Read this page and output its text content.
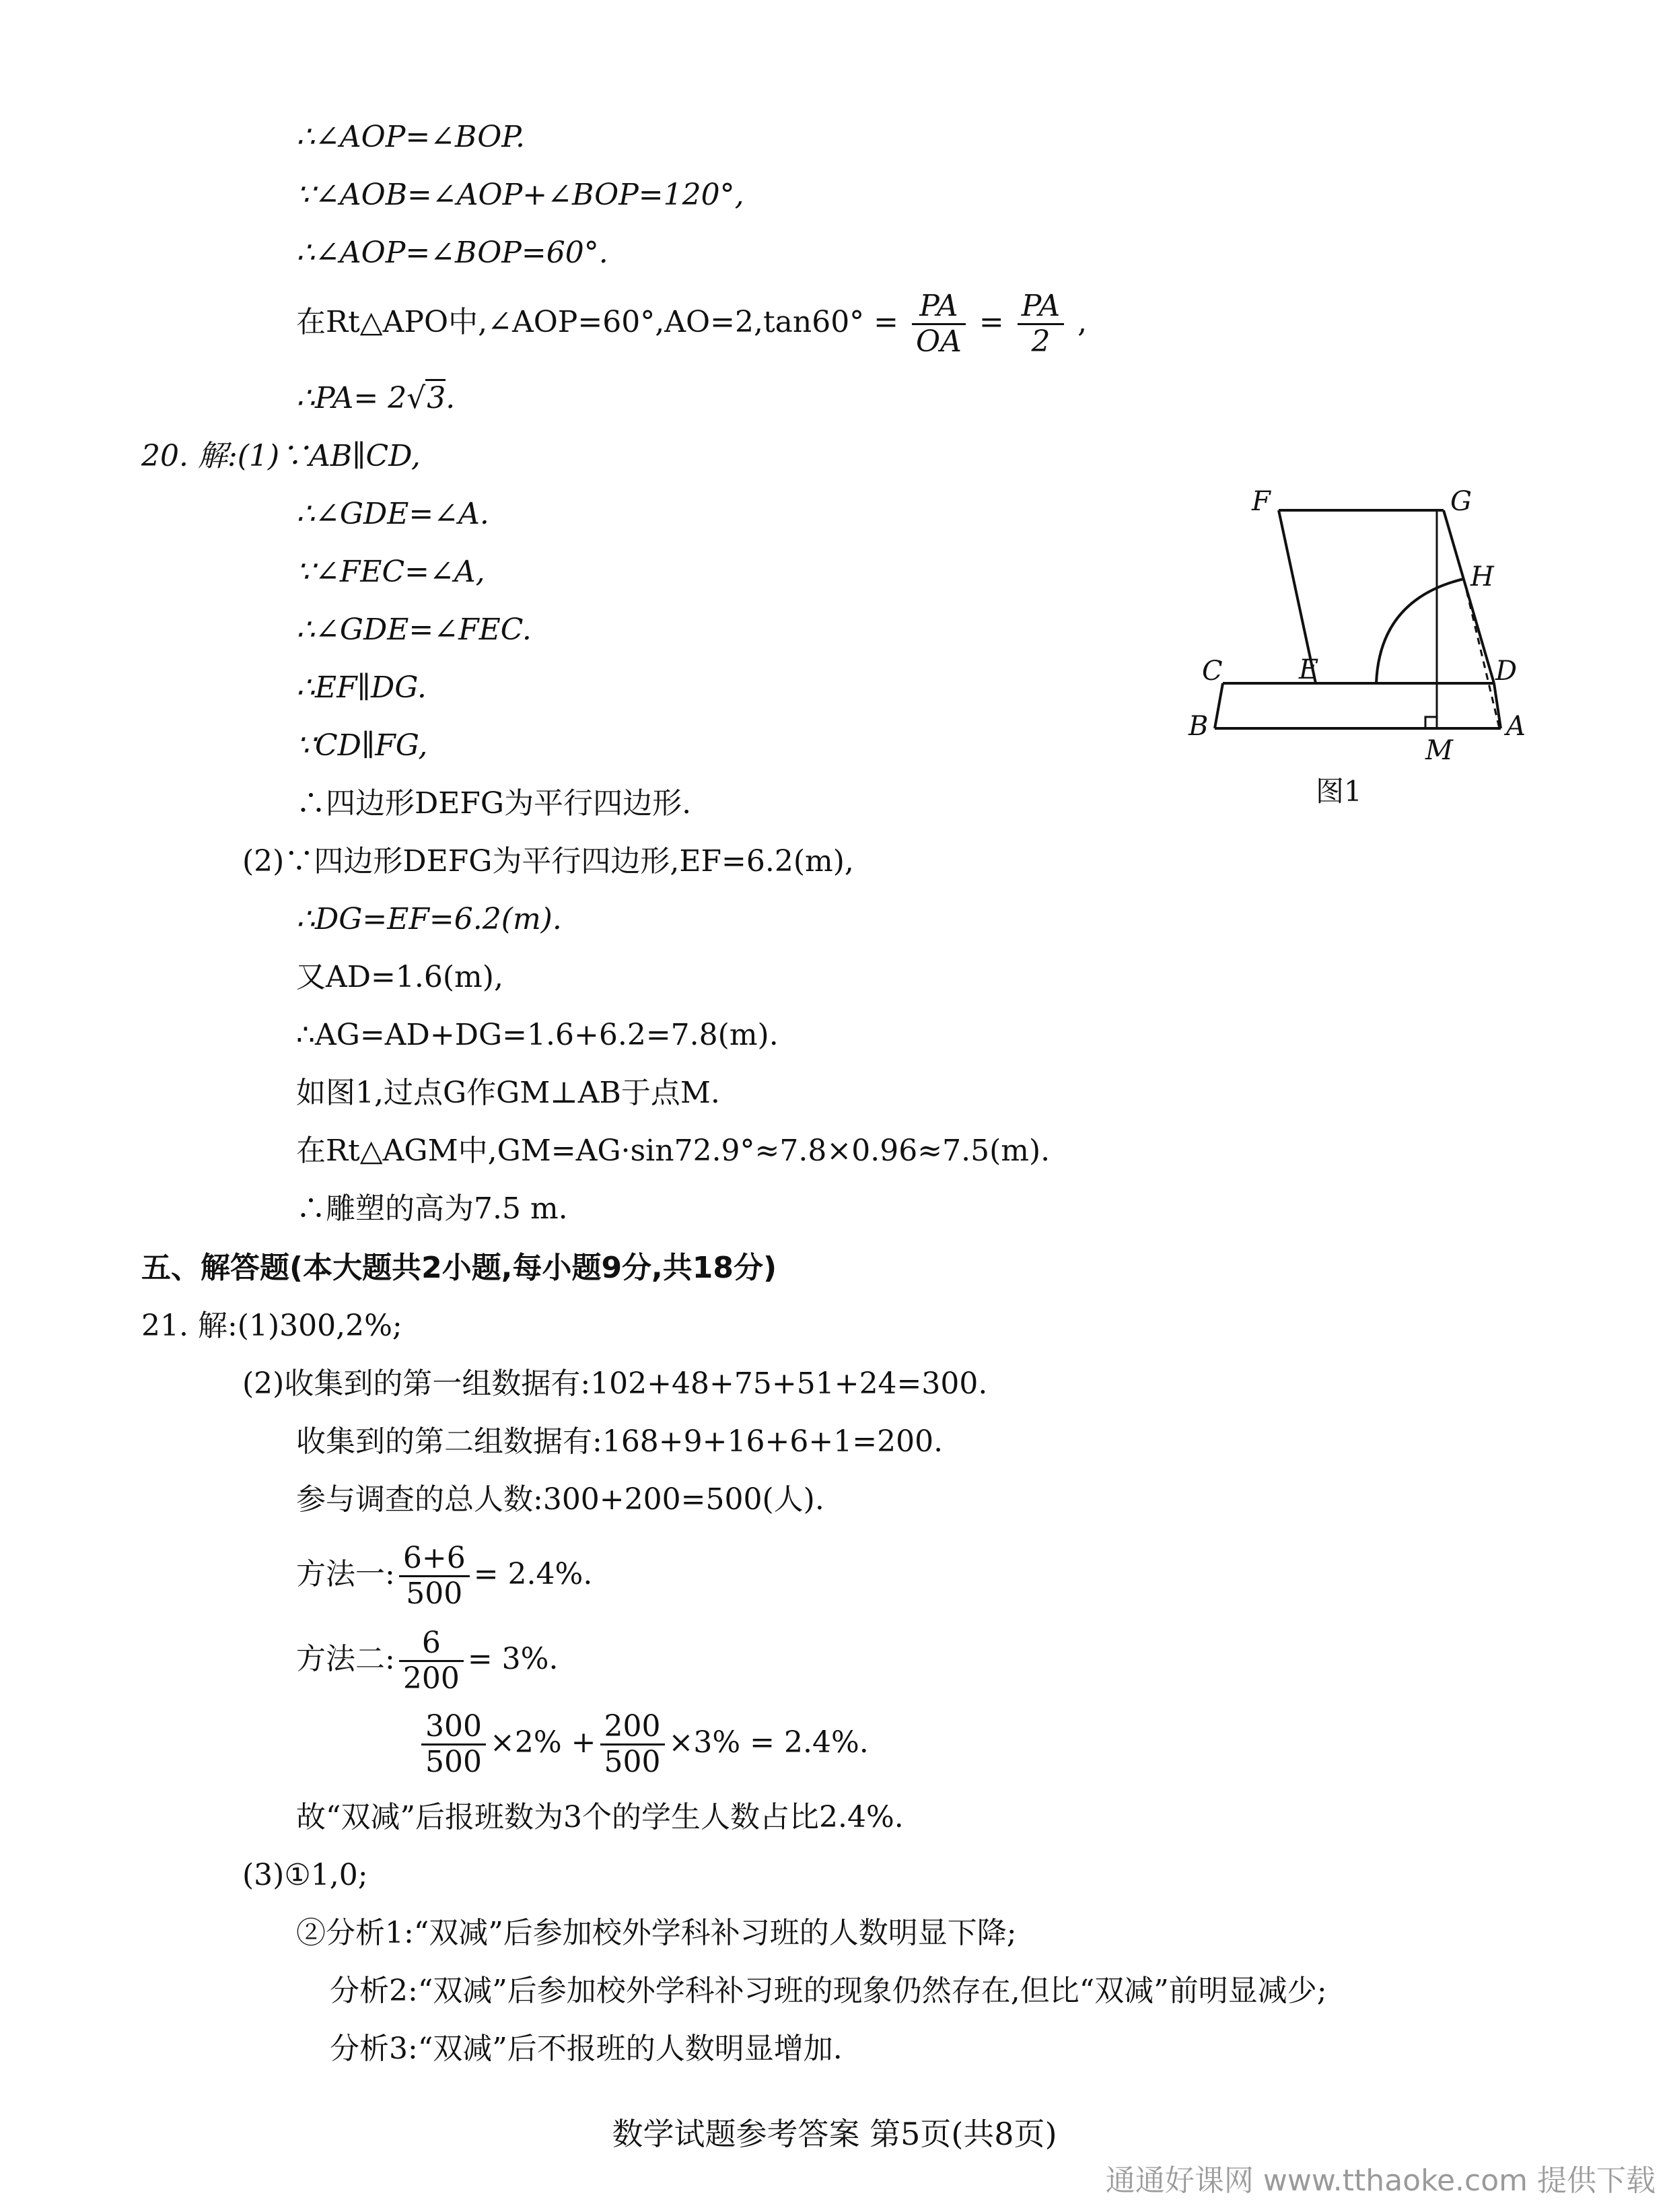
∴∠AOP=∠BOP.
∵∠AOB=∠AOP+∠BOP=120°,
∴∠AOP=∠BOP=60°.
在Rt△APO中,∠AOP=60°,AO=2,tan60° = $\frac{PA}{OA} = \frac{PA}{2}$ ,
∴PA= 2√3.
20. 解:(1)∵AB∥CD,
∴∠GDE=∠A.
∵∠FEC=∠A,
∴∠GDE=∠FEC.
∴EF∥DG.
∵CD∥FG,
∴四边形DEFG为平行四边形.
(2)∵四边形DEFG为平行四边形,EF=6.2(m),
∴DG=EF=6.2(m).
又AD=1.6(m),
∴AG=AD+DG=1.6+6.2=7.8(m).
如图1,过点G作GM⊥AB于点M.
在Rt△AGM中,GM=AG·sin72.9°≈7.8×0.96≈7.5(m).
∴雕塑的高为7.5 m.
F	G
H
C	E	D
B
M
A
图1
五、解答题(本大题共2小题,每小题9分,共18分)
21. 解:(1)300,2%;
(2)收集到的第一组数据有:102+48+75+51+24=300.
收集到的第二组数据有:168+9+16+6+1=200.
参与调查的总人数:300+200=500(人).
方法一: $\frac{6+6}{500} = 2.4\%$.
方法二: $\frac{6}{200} = 3\%$.
$\frac{300}{500} \times 2\% + \frac{200}{500} \times 3\% = 2.4\%$.
故“双减”后报班数为3个的学生人数占比2.4%.
(3)①1,0;
②分析1:“双减”后参加校外学科补习班的人数明显下降;
分析2:“双减”后参加校外学科补习班的现象仍然存在,但比“双减”前明显减少;
分析3:“双减”后不报班的人数明显增加.
数学试题参考答案 第5页(共8页)
通通好课网 www.tthaoke.com 提供下载
